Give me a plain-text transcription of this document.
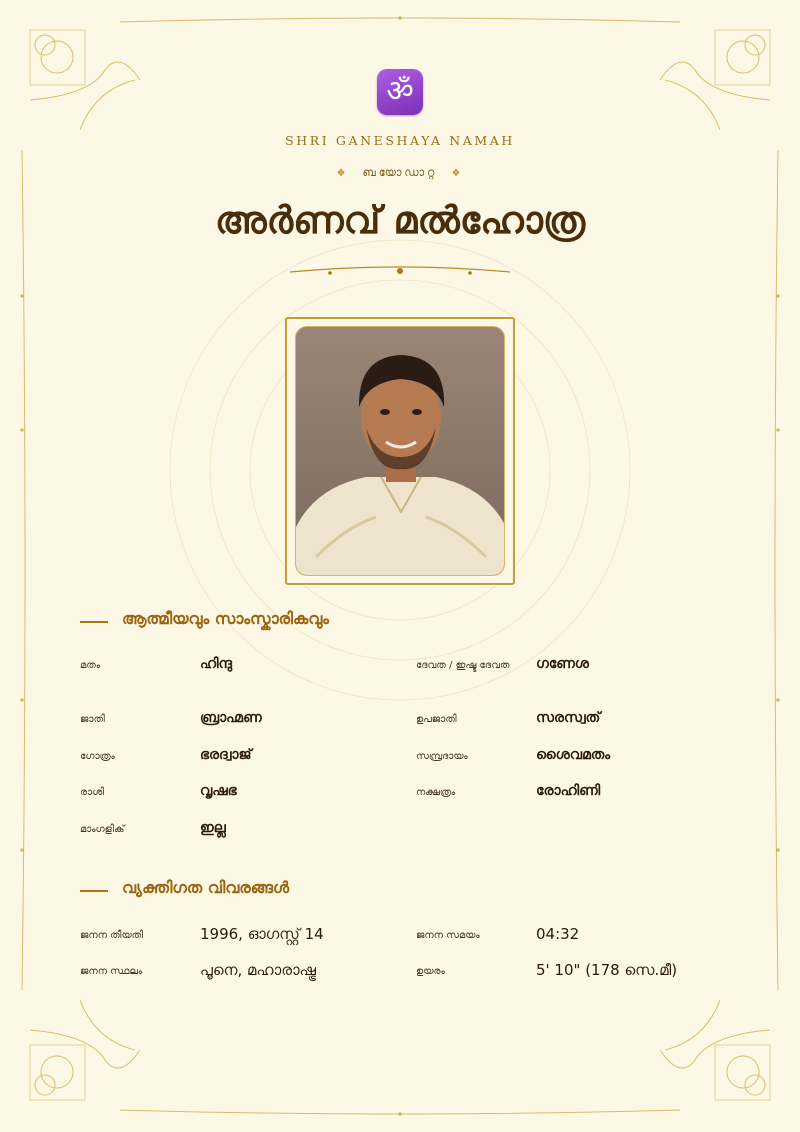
ॐ
SHRI GANESHAYA NAMAH
❖ ബയോഡാറ്റ ❖
അർണവ് മൽഹോത്ര
ആത്മീയവും സാംസ്കാരികവും
മതം	ഹിന്ദു	ദേവത / ഇഷ്ട ദേവത	ഗണേശ
ജാതി	ബ്രാഹ്മണ	ഉപജാതി	സരസ്വത്
ഗോത്രം	ഭരദ്വാജ്	സമ്പ്രദായം	ശൈവമതം
രാശി	വൃഷഭ	നക്ഷത്രം	രോഹിണി
മാംഗളിക്	ഇല്ല
വ്യക്തിഗത വിവരങ്ങൾ
ജനന തീയതി	1996, ഓഗസ്റ്റ് 14	ജനന സമയം	04:32
ജനന സ്ഥലം	പൂനെ, മഹാരാഷ്ട്ര	ഉയരം	5' 10" (178 സെ.മീ)
